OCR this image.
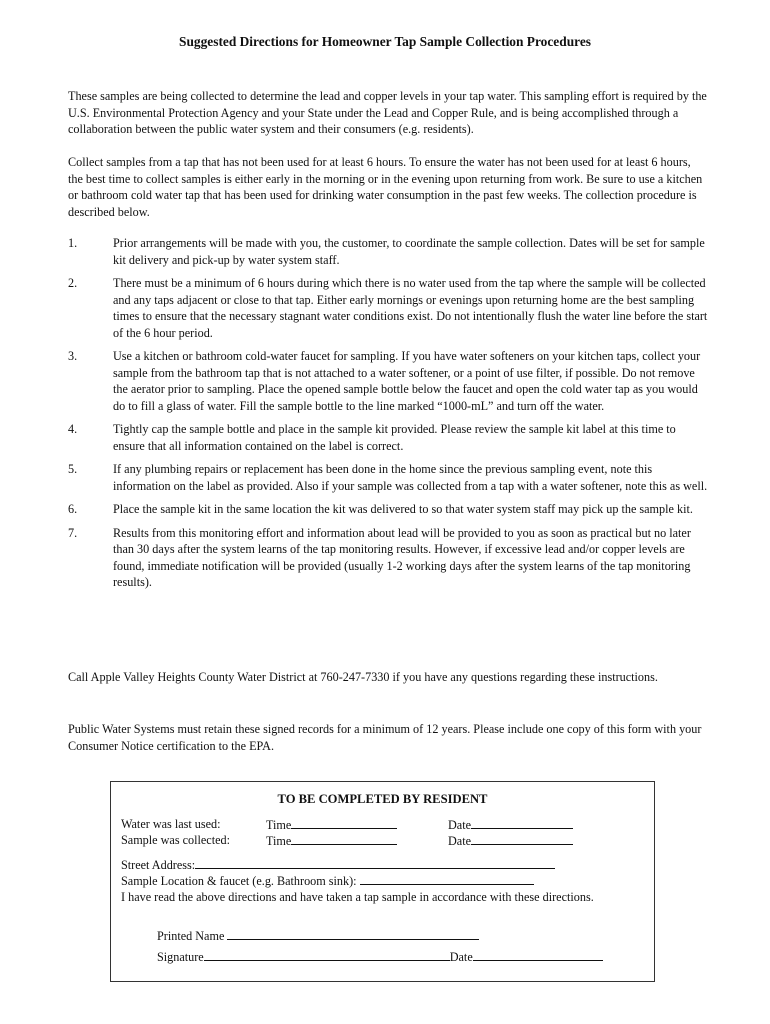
Suggested Directions for Homeowner Tap Sample Collection Procedures

These samples are being collected to determine the lead and copper levels in your tap water. This sampling effort is required by the U.S. Environmental Protection Agency and your State under the Lead and Copper Rule, and is being accomplished through a collaboration between the public water system and their consumers (e.g. residents).

Collect samples from a tap that has not been used for at least 6 hours. To ensure the water has not been used for at least 6 hours, the best time to collect samples is either early in the morning or in the evening upon returning from work. Be sure to use a kitchen or bathroom cold water tap that has been used for drinking water consumption in the past few weeks. The collection procedure is described below.

1.	Prior arrangements will be made with you, the customer, to coordinate the sample collection. Dates will be set for sample kit delivery and pick-up by water system staff.
2.	There must be a minimum of 6 hours during which there is no water used from the tap where the sample will be collected and any taps adjacent or close to that tap. Either early mornings or evenings upon returning home are the best sampling times to ensure that the necessary stagnant water conditions exist. Do not intentionally flush the water line before the start of the 6 hour period.
3.	Use a kitchen or bathroom cold-water faucet for sampling. If you have water softeners on your kitchen taps, collect your sample from the bathroom tap that is not attached to a water softener, or a point of use filter, if possible. Do not remove the aerator prior to sampling. Place the opened sample bottle below the faucet and open the cold water tap as you would do to fill a glass of water. Fill the sample bottle to the line marked “1000-mL” and turn off the water.
4.	Tightly cap the sample bottle and place in the sample kit provided. Please review the sample kit label at this time to ensure that all information contained on the label is correct.
5.	If any plumbing repairs or replacement has been done in the home since the previous sampling event, note this information on the label as provided. Also if your sample was collected from a tap with a water softener, note this as well.
6.	Place the sample kit in the same location the kit was delivered to so that water system staff may pick up the sample kit.
7.	Results from this monitoring effort and information about lead will be provided to you as soon as practical but no later than 30 days after the system learns of the tap monitoring results. However, if excessive lead and/or copper levels are found, immediate notification will be provided (usually 1-2 working days after the system learns of the tap monitoring results).

Call Apple Valley Heights County Water District at 760-247-7330 if you have any questions regarding these instructions.

Public Water Systems must retain these signed records for a minimum of 12 years. Please include one copy of this form with your Consumer Notice certification to the EPA.

TO BE COMPLETED BY RESIDENT
Water was last used:	Time	Date
Sample was collected:	Time	Date
Street Address:
Sample Location & faucet (e.g. Bathroom sink):

I have read the above directions and have taken a tap sample in accordance with these directions.

Printed Name
Signature	Date
